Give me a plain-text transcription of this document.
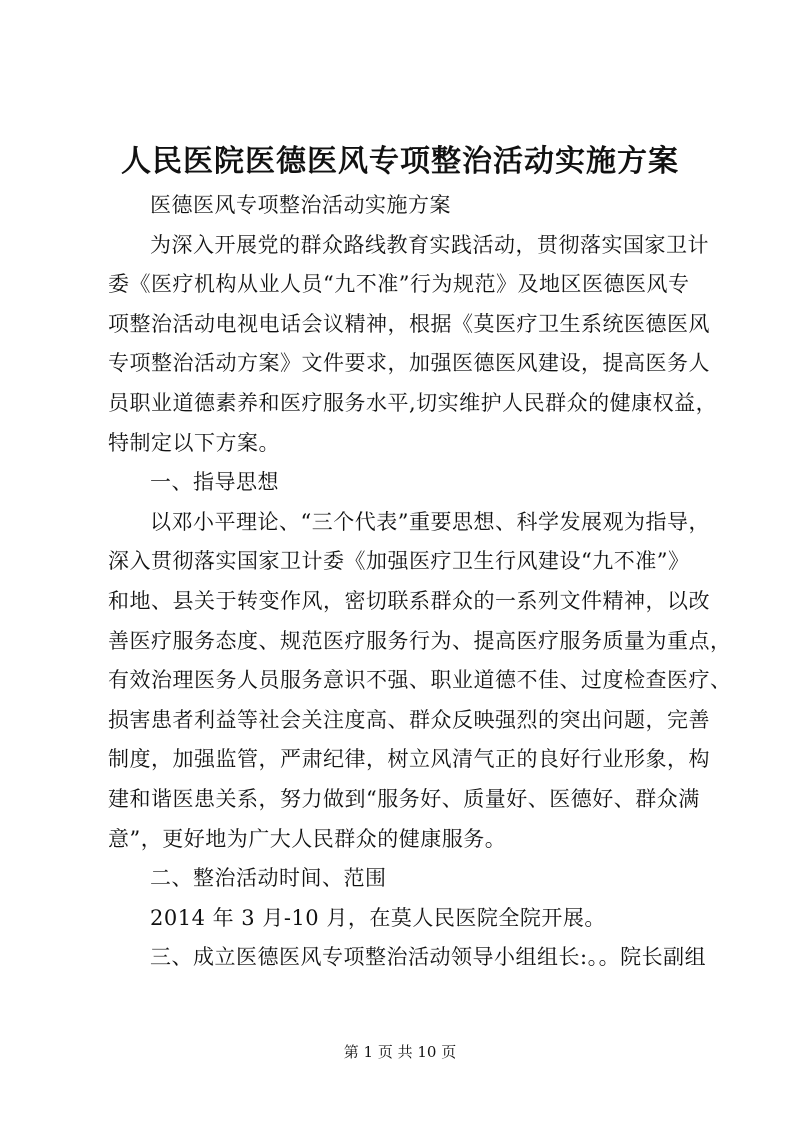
人民医院医德医风专项整治活动实施方案
医德医风专项整治活动实施方案
为深入开展党的群众路线教育实践活动，贯彻落实国家卫计
委《医疗机构从业人员“九不准”行为规范》及地区医德医风专
项整治活动电视电话会议精神，根据《莫医疗卫生系统医德医风
专项整治活动方案》文件要求，加强医德医风建设，提高医务人
员职业道德素养和医疗服务水平,切实维护人民群众的健康权益，
特制定以下方案。
一、指导思想
以邓小平理论、“三个代表”重要思想、科学发展观为指导，
深入贯彻落实国家卫计委《加强医疗卫生行风建设“九不准”》
和地、县关于转变作风，密切联系群众的一系列文件精神，以改
善医疗服务态度、规范医疗服务行为、提高医疗服务质量为重点，
有效治理医务人员服务意识不强、职业道德不佳、过度检查医疗、
损害患者利益等社会关注度高、群众反映强烈的突出问题，完善
制度，加强监管，严肃纪律，树立风清气正的良好行业形象，构
建和谐医患关系，努力做到“服务好、质量好、医德好、群众满
意”，更好地为广大人民群众的健康服务。
二、整治活动时间、范围
2014 年 3 月-10 月，在莫人民医院全院开展。
三、成立医德医风专项整治活动领导小组组长:。。院长副组
第 1 页 共 10 页
